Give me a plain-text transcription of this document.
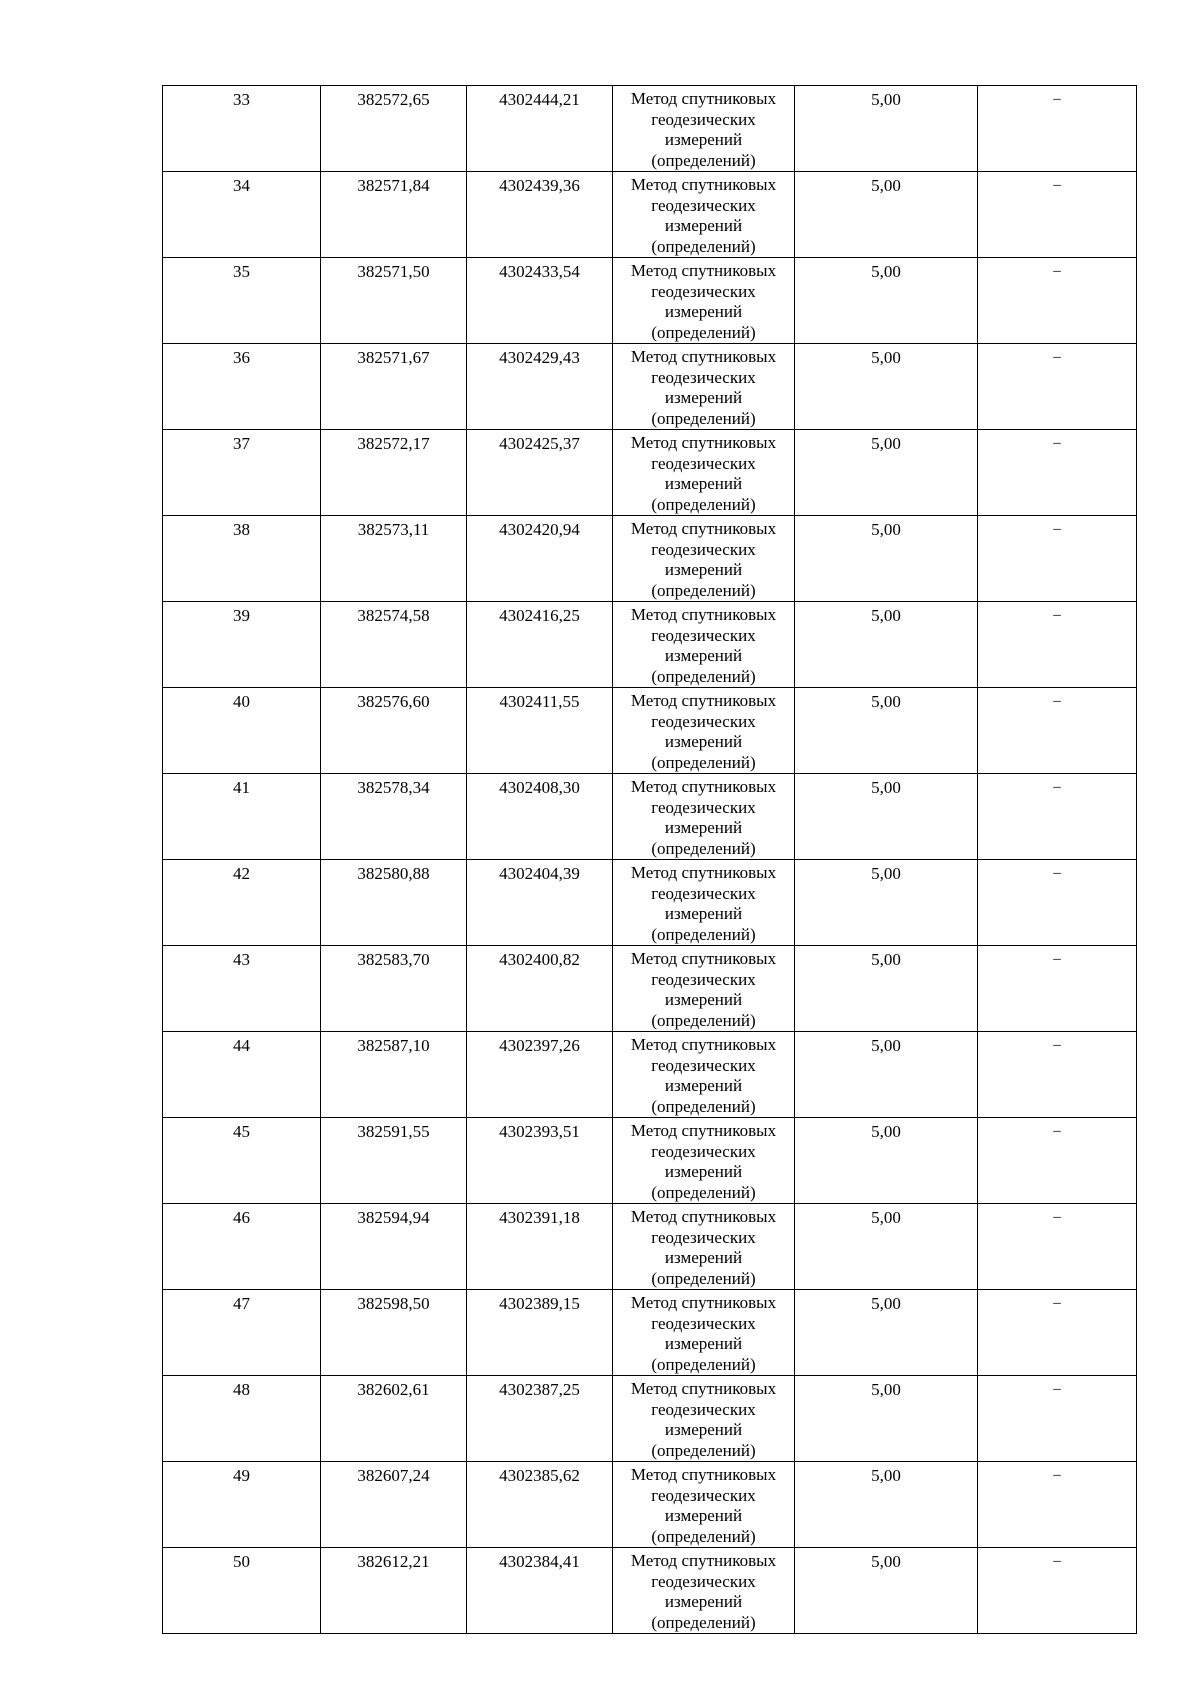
33	382572,65	4302444,21	Метод спутниковых геодезических измерений (определений)	5,00	–
34	382571,84	4302439,36	Метод спутниковых геодезических измерений (определений)	5,00	–
35	382571,50	4302433,54	Метод спутниковых геодезических измерений (определений)	5,00	–
36	382571,67	4302429,43	Метод спутниковых геодезических измерений (определений)	5,00	–
37	382572,17	4302425,37	Метод спутниковых геодезических измерений (определений)	5,00	–
38	382573,11	4302420,94	Метод спутниковых геодезических измерений (определений)	5,00	–
39	382574,58	4302416,25	Метод спутниковых геодезических измерений (определений)	5,00	–
40	382576,60	4302411,55	Метод спутниковых геодезических измерений (определений)	5,00	–
41	382578,34	4302408,30	Метод спутниковых геодезических измерений (определений)	5,00	–
42	382580,88	4302404,39	Метод спутниковых геодезических измерений (определений)	5,00	–
43	382583,70	4302400,82	Метод спутниковых геодезических измерений (определений)	5,00	–
44	382587,10	4302397,26	Метод спутниковых геодезических измерений (определений)	5,00	–
45	382591,55	4302393,51	Метод спутниковых геодезических измерений (определений)	5,00	–
46	382594,94	4302391,18	Метод спутниковых геодезических измерений (определений)	5,00	–
47	382598,50	4302389,15	Метод спутниковых геодезических измерений (определений)	5,00	–
48	382602,61	4302387,25	Метод спутниковых геодезических измерений (определений)	5,00	–
49	382607,24	4302385,62	Метод спутниковых геодезических измерений (определений)	5,00	–
50	382612,21	4302384,41	Метод спутниковых геодезических измерений (определений)	5,00	–
